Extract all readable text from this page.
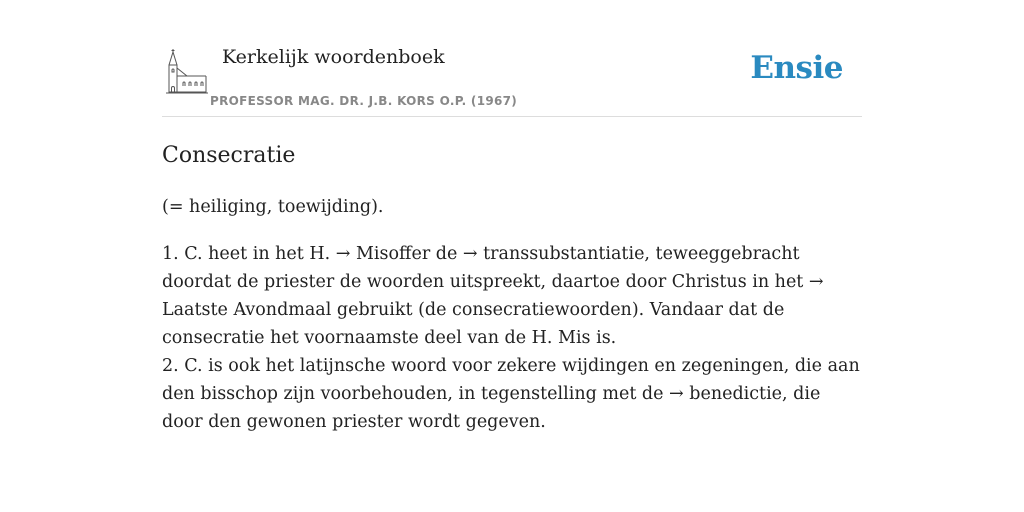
Kerkelijk woordenboek
PROFESSOR MAG. DR. J.B. KORS O.P. (1967)
Ensie
Consecratie

(= heiliging, toewijding).

1. C. heet in het H. → Misoffer de → transsubstantiatie, teweeggebracht doordat de priester de woorden uitspreekt, daartoe door Christus in het → Laatste Avondmaal gebruikt (de consecratiewoorden). Vandaar dat de consecratie het voornaamste deel van de H. Mis is.

2. C. is ook het latijnsche woord voor zekere wijdingen en zegeningen, die aan den bisschop zijn voorbehouden, in tegenstelling met de → benedictie, die door den gewonen priester wordt gegeven.
